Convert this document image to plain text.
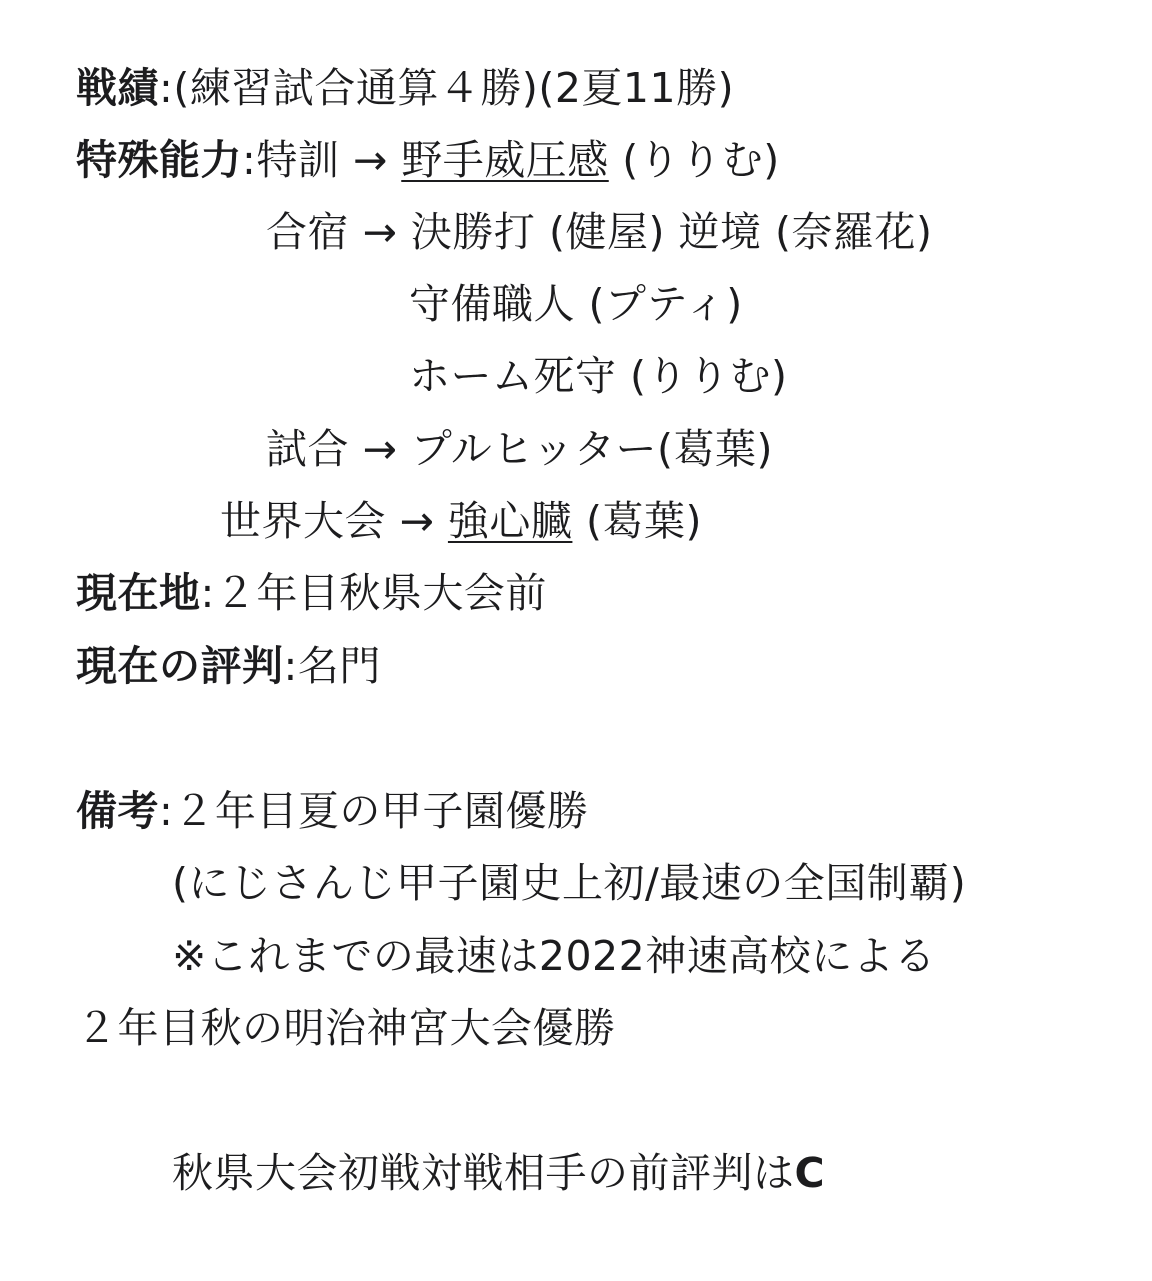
戦績:(練習試合通算４勝)(2夏11勝)
特殊能力:特訓 → 野手威圧感 (りりむ)
合宿 → 決勝打 (健屋) 逆境 (奈羅花)
守備職人 (プティ)
ホーム死守 (りりむ)
試合 → プルヒッター(葛葉)
世界大会 → 強心臓 (葛葉)
現在地:２年目秋県大会前
現在の評判:名門
備考:２年目夏の甲子園優勝
(にじさんじ甲子園史上初/最速の全国制覇)
※これまでの最速は2022神速高校による
２年目秋の明治神宮大会優勝
秋県大会初戦対戦相手の前評判はC
